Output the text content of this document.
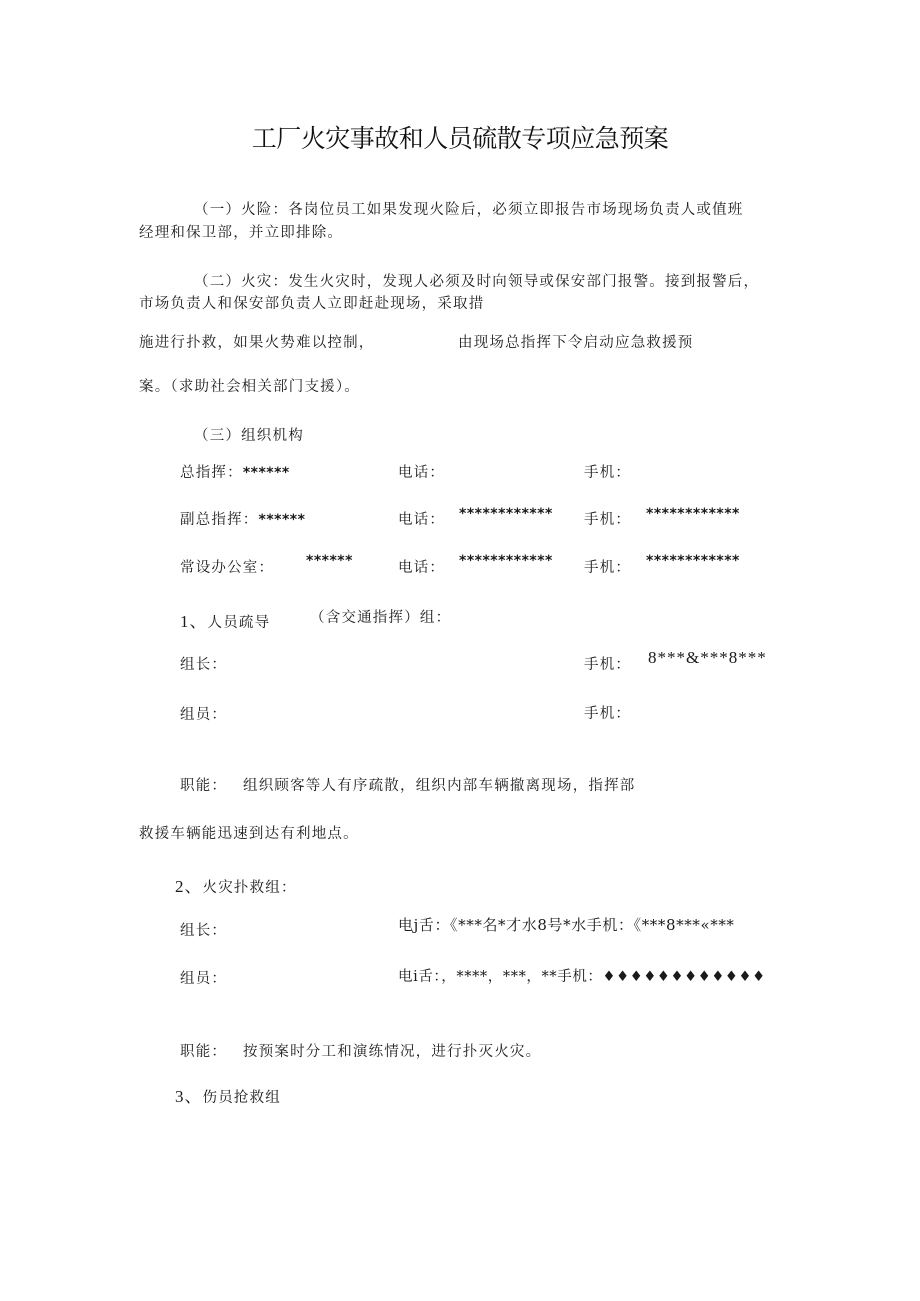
工厂火灾事故和人员硫散专项应急预案
（一）火险：各岗位员工如果发现火险后，必须立即报告市场现场负责人或值班
经理和保卫部，并立即排除。
（二）火灾：发生火灾时，发现人必须及时向领导或保安部门报警。接到报警后，
市场负责人和保安部负责人立即赶赴现场，采取措
施进行扑救，如果火势难以控制，	由现场总指挥下令启动应急救援预
案。（求助社会相关部门支援）。
（三）组织机构
总指挥：******	电话：	手机：
副总指挥：******	电话： ************ 手机： ************
常设办公室： ******	电话： ************ 手机： ************
1、人员疏导	（含交通指挥）组：
组长：	手机： 8***&***8***
组员：	手机：
职能： 组织顾客等人有序疏散，组织内部车辆撤离现场，指挥部
救援车辆能迅速到达有利地点。
2、火灾扑救组：
组长：	电j舌：《***名*才水8号*水手机：《***8***«***
组员：	电i舌：，****，***，**手机：♦♦♦♦♦♦♦♦♦♦♦♦
职能： 按预案时分工和演练情况，进行扑灭火灾。
3、伤员抢救组
